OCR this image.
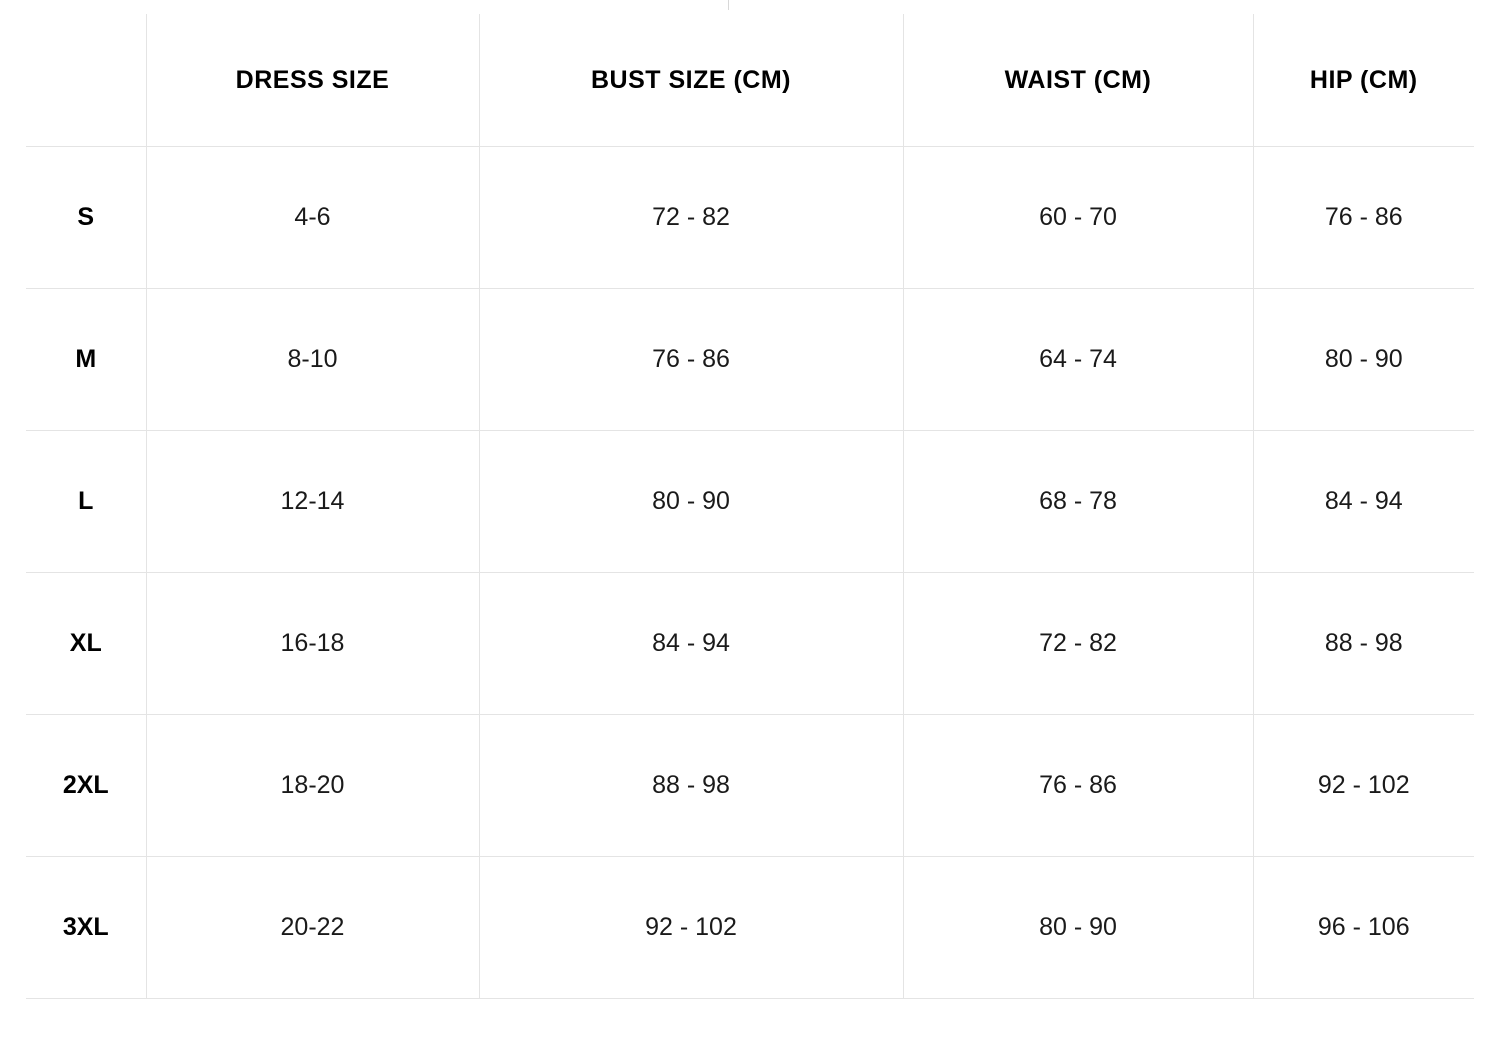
	DRESS SIZE	BUST SIZE (CM)	WAIST (CM)	HIP (CM)
S	4-6	72 - 82	60 - 70	76 - 86
M	8-10	76 - 86	64 - 74	80 - 90
L	12-14	80 - 90	68 - 78	84 - 94
XL	16-18	84 - 94	72 - 82	88 - 98
2XL	18-20	88 - 98	76 - 86	92 - 102
3XL	20-22	92 - 102	80 - 90	96 - 106
